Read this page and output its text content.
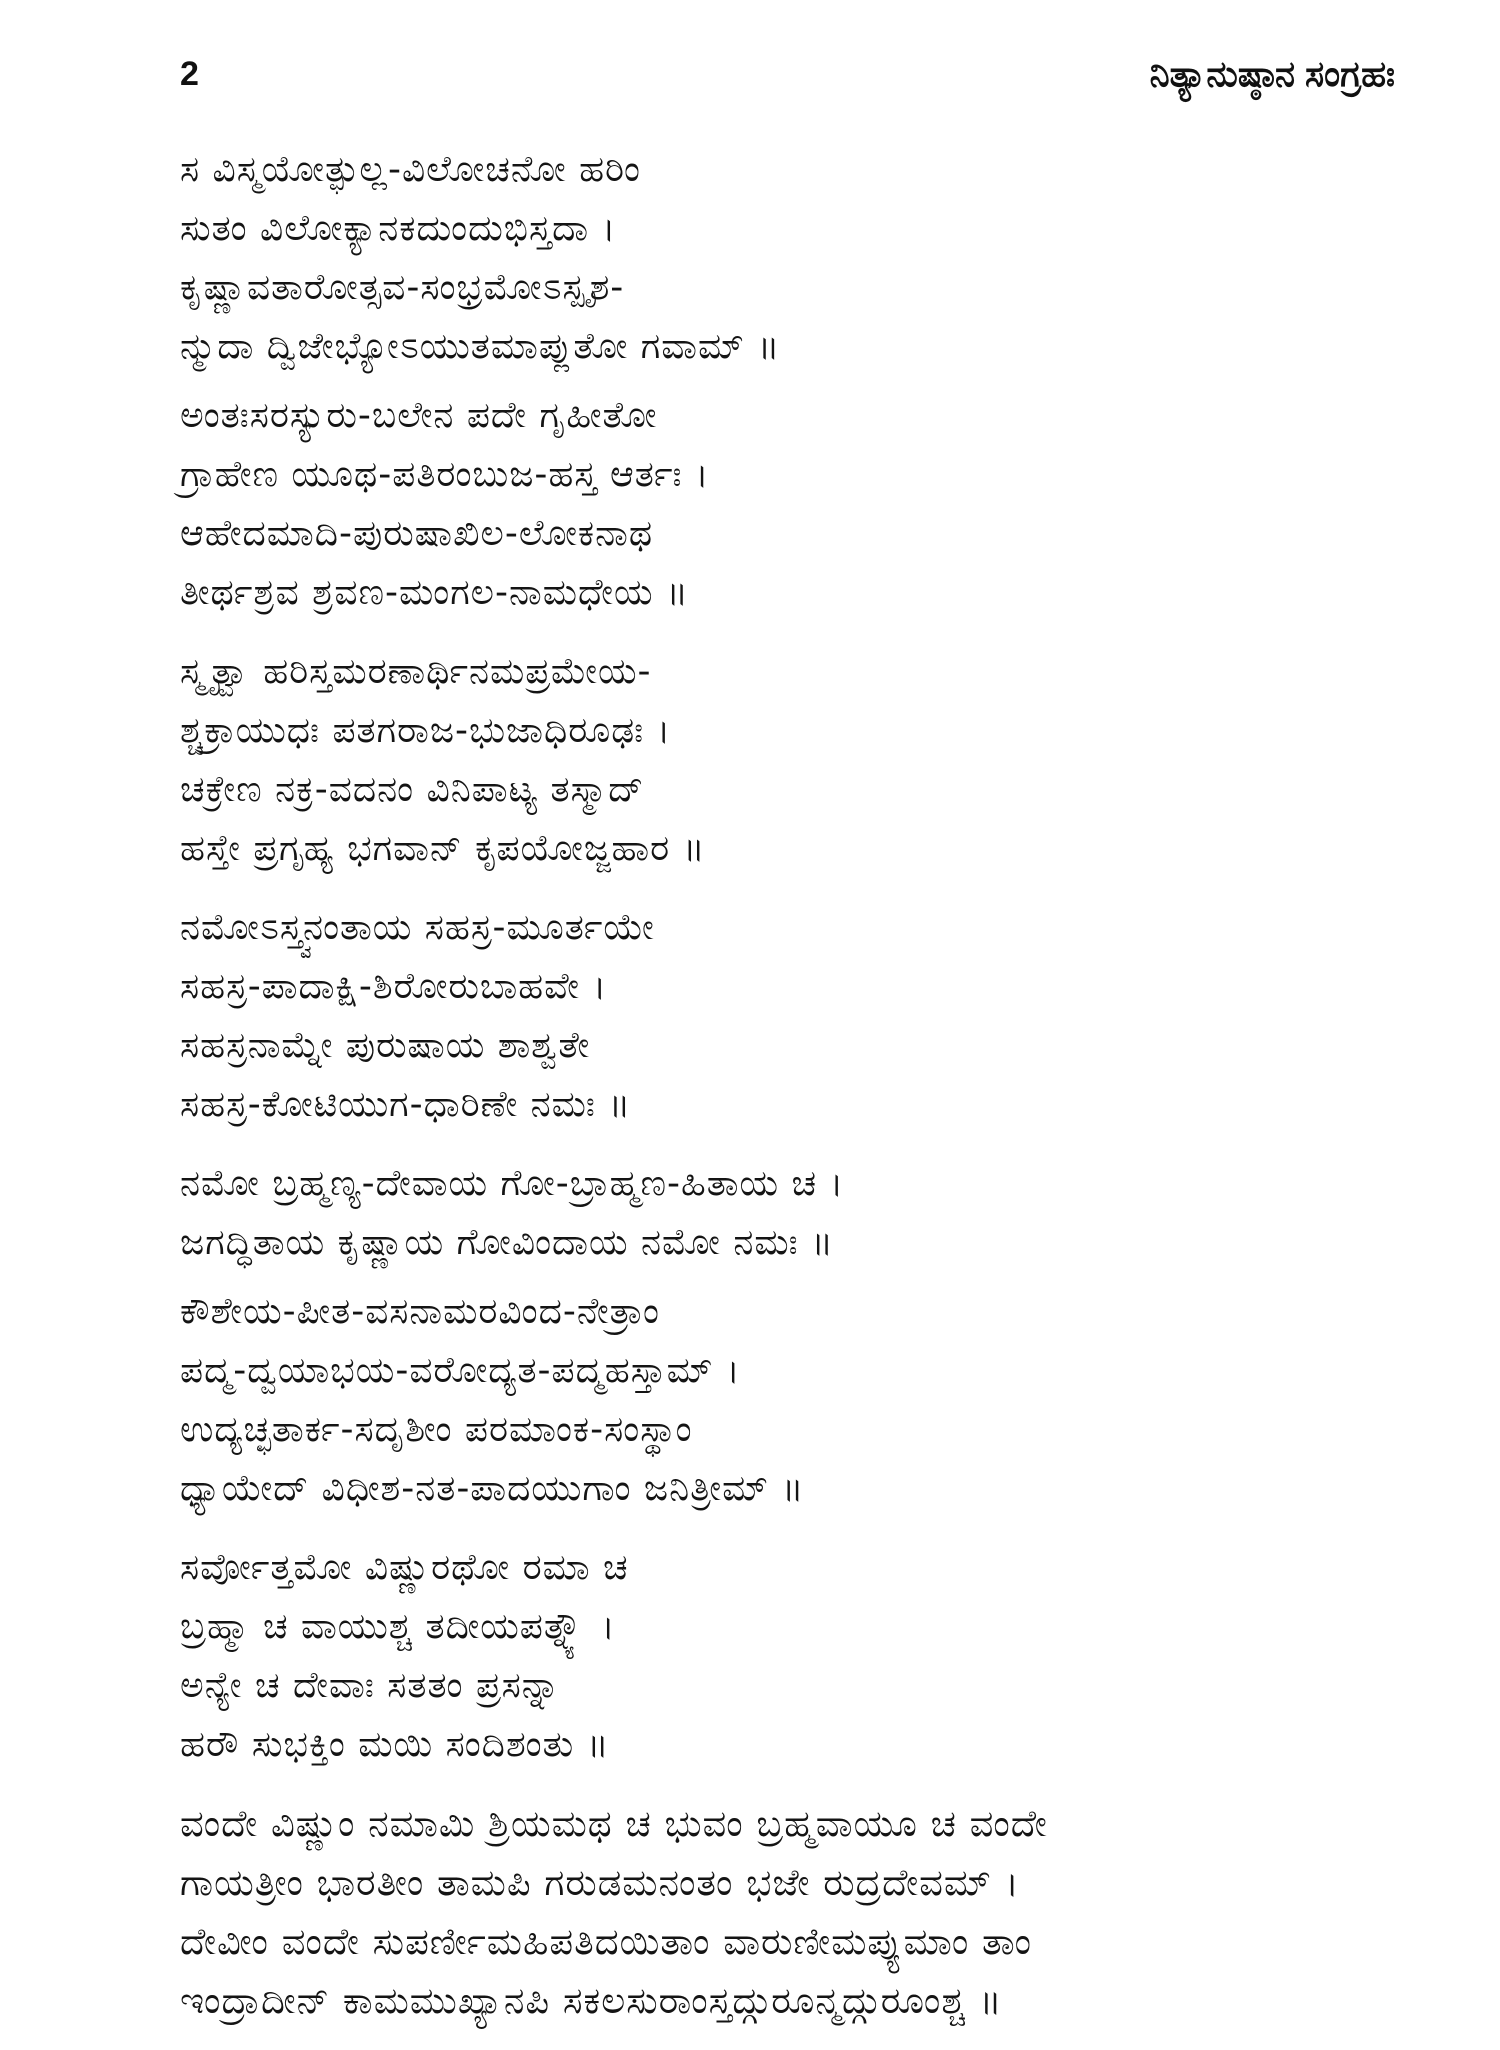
2	ನಿತ್ಯಾನುಷ್ಠಾನ ಸಂಗ್ರಹಃ
ಸ ವಿಸ್ಮಯೋತ್ಫುಲ್ಲ-ವಿಲೋಚನೋ ಹರಿಂ
ಸುತಂ ವಿಲೋಕ್ಯಾನಕದುಂದುಭಿಸ್ತದಾ ।
ಕೃಷ್ಣಾವತಾರೋತ್ಸವ-ಸಂಭ್ರಮೋಽಸ್ಪೃಶ-
ನ್ಮುದಾ ದ್ವಿಜೇಭ್ಯೋಽಯುತಮಾಪ್ಲುತೋ ಗವಾಮ್ ॥
ಅಂತಃಸರಸ್ಯುರು-ಬಲೇನ ಪದೇ ಗೃಹೀತೋ
ಗ್ರಾಹೇಣ ಯೂಥ-ಪತಿರಂಬುಜ-ಹಸ್ತ ಆರ್ತಃ ।
ಆಹೇದಮಾದಿ-ಪುರುಷಾಖಿಲ-ಲೋಕನಾಥ
ತೀರ್ಥಶ್ರವ ಶ್ರವಣ-ಮಂಗಲ-ನಾಮಧೇಯ ॥
ಸ್ಮೃತ್ವಾ ಹರಿಸ್ತಮರಣಾರ್ಥಿನಮಪ್ರಮೇಯ-
ಶ್ಚಕ್ರಾಯುಧಃ ಪತಗರಾಜ-ಭುಜಾಧಿರೂಢಃ ।
ಚಕ್ರೇಣ ನಕ್ರ-ವದನಂ ವಿನಿಪಾಟ್ಯ ತಸ್ಮಾದ್
ಹಸ್ತೇ ಪ್ರಗೃಹ್ಯ ಭಗವಾನ್ ಕೃಪಯೋಜ್ಜಹಾರ ॥
ನಮೋಽಸ್ತ್ವನಂತಾಯ ಸಹಸ್ರ-ಮೂರ್ತಯೇ
ಸಹಸ್ರ-ಪಾದಾಕ್ಷಿ-ಶಿರೋರುಬಾಹವೇ ।
ಸಹಸ್ರನಾಮ್ನೇ ಪುರುಷಾಯ ಶಾಶ್ವತೇ
ಸಹಸ್ರ-ಕೋಟಿಯುಗ-ಧಾರಿಣೇ ನಮಃ ॥
ನಮೋ ಬ್ರಹ್ಮಣ್ಯ-ದೇವಾಯ ಗೋ-ಬ್ರಾಹ್ಮಣ-ಹಿತಾಯ ಚ ।
ಜಗದ್ಧಿತಾಯ ಕೃಷ್ಣಾಯ ಗೋವಿಂದಾಯ ನಮೋ ನಮಃ ॥
ಕೌಶೇಯ-ಪೀತ-ವಸನಾಮರವಿಂದ-ನೇತ್ರಾಂ
ಪದ್ಮ-ದ್ವಯಾಭಯ-ವರೋದ್ಯತ-ಪದ್ಮಹಸ್ತಾಮ್ ।
ಉದ್ಯಚ್ಛತಾರ್ಕ-ಸದೃಶೀಂ ಪರಮಾಂಕ-ಸಂಸ್ಥಾಂ
ಧ್ಯಾಯೇದ್ ವಿಧೀಶ-ನತ-ಪಾದಯುಗಾಂ ಜನಿತ್ರೀಮ್ ॥
ಸರ್ವೋತ್ತಮೋ ವಿಷ್ಣುರಥೋ ರಮಾ ಚ
ಬ್ರಹ್ಮಾ ಚ ವಾಯುಶ್ಚ ತದೀಯಪತ್ನ್ಯೌ ।
ಅನ್ಯೇ ಚ ದೇವಾಃ ಸತತಂ ಪ್ರಸನ್ನಾ
ಹರೌ ಸುಭಕ್ತಿಂ ಮಯಿ ಸಂದಿಶಂತು ॥
ವಂದೇ ವಿಷ್ಣುಂ ನಮಾಮಿ ಶ್ರಿಯಮಥ ಚ ಭುವಂ ಬ್ರಹ್ಮವಾಯೂ ಚ ವಂದೇ
ಗಾಯತ್ರೀಂ ಭಾರತೀಂ ತಾಮಪಿ ಗರುಡಮನಂತಂ ಭಜೇ ರುದ್ರದೇವಮ್ ।
ದೇವೀಂ ವಂದೇ ಸುಪರ್ಣೀಮಹಿಪತಿದಯಿತಾಂ ವಾರುಣೀಮಪ್ಯುಮಾಂ ತಾಂ
ಇಂದ್ರಾದೀನ್ ಕಾಮಮುಖ್ಯಾನಪಿ ಸಕಲಸುರಾಂಸ್ತದ್ಗುರೂನ್ಮದ್ಗುರೂಂಶ್ಚ ॥
